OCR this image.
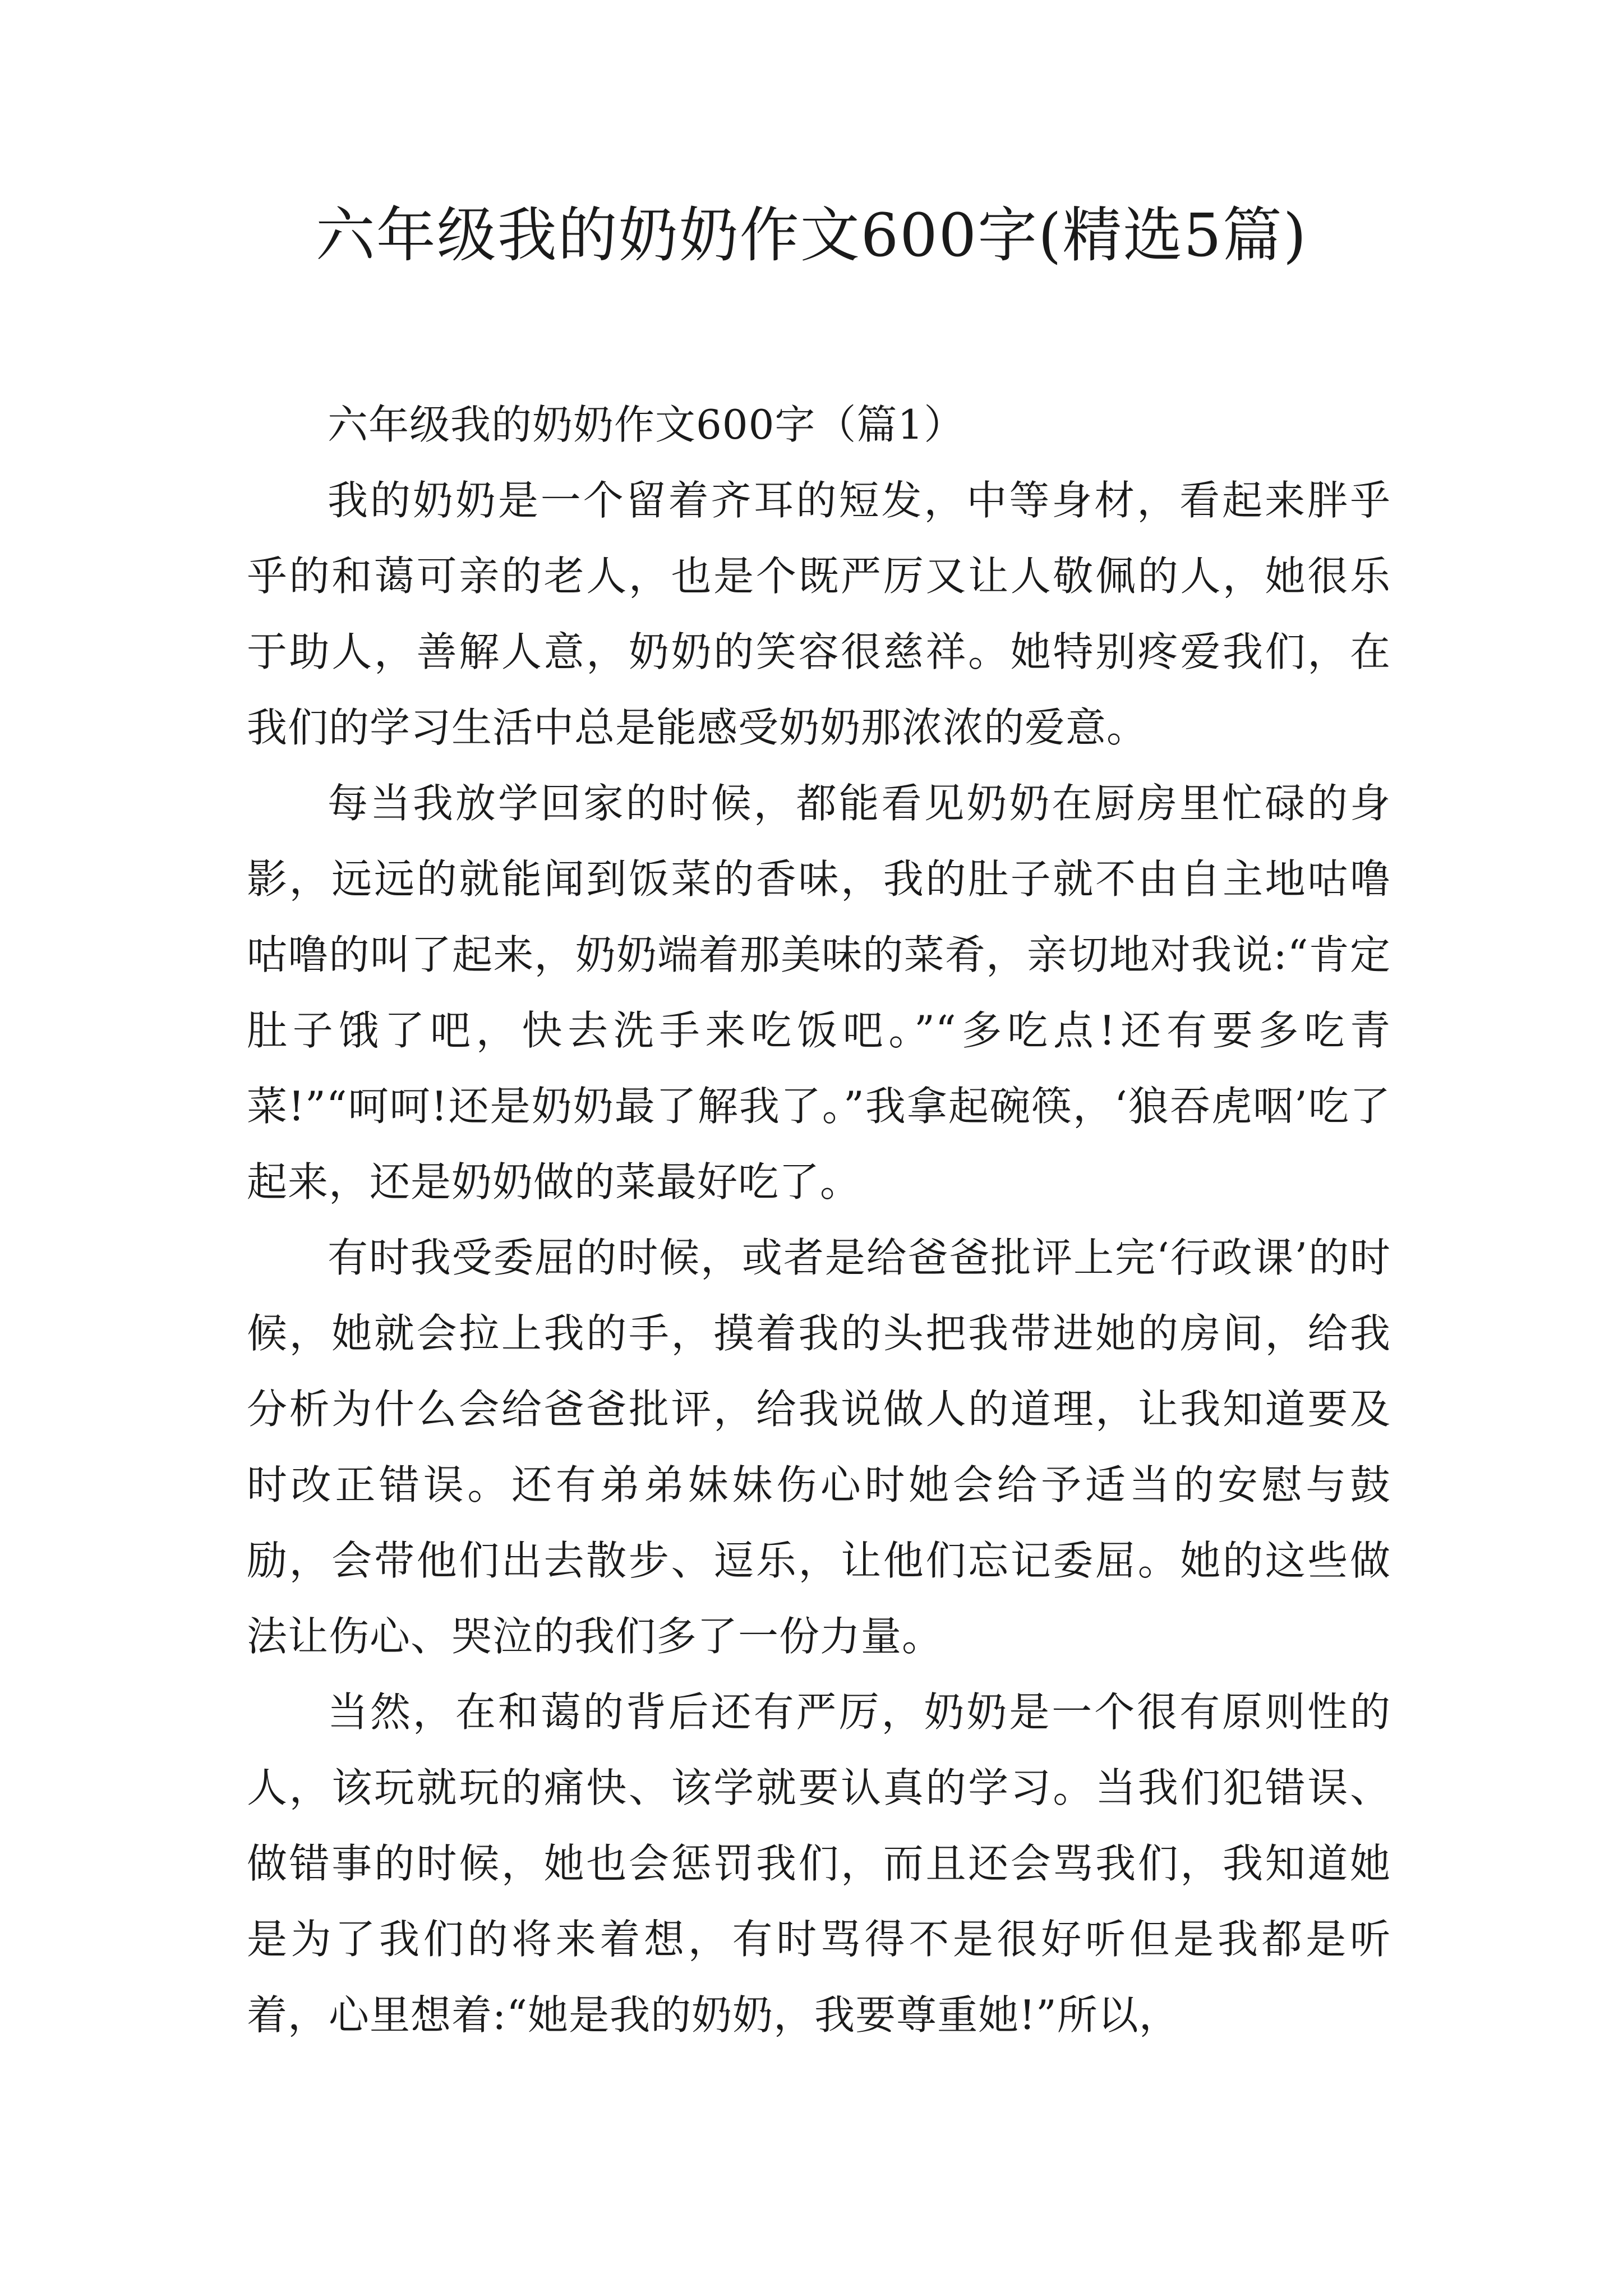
六年级我的奶奶作文600字(精选5篇)

六年级我的奶奶作文600字（篇1）

我的奶奶是一个留着齐耳的短发，中等身材，看起来胖乎乎的和蔼可亲的老人，也是个既严厉又让人敬佩的人，她很乐于助人，善解人意，奶奶的笑容很慈祥。她特别疼爱我们，在我们的学习生活中总是能感受奶奶那浓浓的爱意。

每当我放学回家的时候，都能看见奶奶在厨房里忙碌的身影，远远的就能闻到饭菜的香味，我的肚子就不由自主地咕噜咕噜的叫了起来，奶奶端着那美味的菜肴，亲切地对我说:“肯定肚子饿了吧，快去洗手来吃饭吧。”“多吃点!还有要多吃青菜!”“呵呵!还是奶奶最了解我了。”我拿起碗筷，‘狼吞虎咽’吃了起来，还是奶奶做的菜最好吃了。

有时我受委屈的时候，或者是给爸爸批评上完‘行政课’的时候，她就会拉上我的手，摸着我的头把我带进她的房间，给我分析为什么会给爸爸批评，给我说做人的道理，让我知道要及时改正错误。还有弟弟妹妹伤心时她会给予适当的安慰与鼓励，会带他们出去散步、逗乐，让他们忘记委屈。她的这些做法让伤心、哭泣的我们多了一份力量。

当然，在和蔼的背后还有严厉，奶奶是一个很有原则性的人，该玩就玩的痛快、该学就要认真的学习。当我们犯错误、做错事的时候，她也会惩罚我们，而且还会骂我们，我知道她是为了我们的将来着想，有时骂得不是很好听但是我都是听着，心里想着:“她是我的奶奶，我要尊重她!”所以，
